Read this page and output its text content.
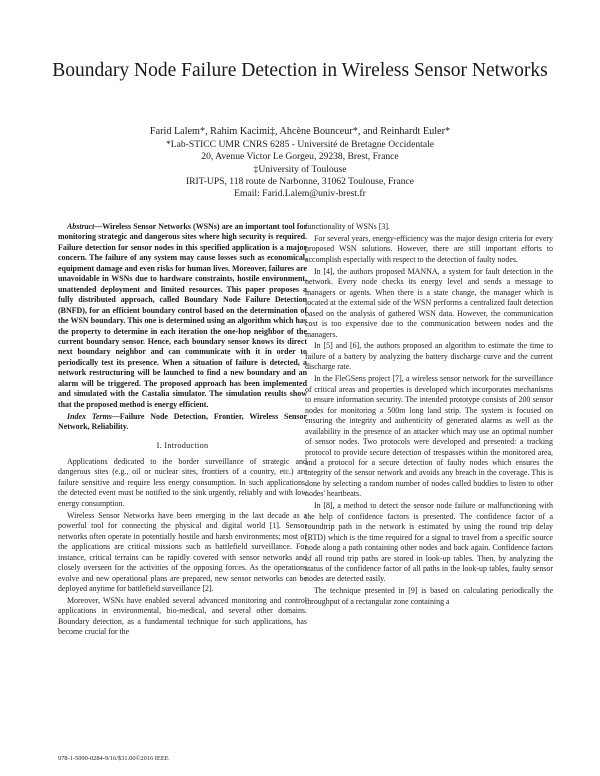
Boundary Node Failure Detection in Wireless Sensor Networks
Farid Lalem*, Rahim Kacimi‡, Ahcène Bounceur*, and Reinhardt Euler*
*Lab-STICC UMR CNRS 6285 - Université de Bretagne Occidentale
20, Avenue Victor Le Gorgeu, 29238, Brest, France
‡University of Toulouse
IRIT-UPS, 118 route de Narbonne, 31062 Toulouse, France
Email: Farid.Lalem@univ-brest.fr

Abstract—Wireless Sensor Networks (WSNs) are an important tool for monitoring strategic and dangerous sites where high security is required. Failure detection for sensor nodes in this specified application is a major concern. The failure of any system may cause losses such as economical, equipment damage and even risks for human lives. Moreover, failures are unavoidable in WSNs due to hardware constraints, hostile environment, unattended deployment and limited resources. This paper proposes a fully distributed approach, called Boundary Node Failure Detection (BNFD), for an efficient boundary control based on the determination of the WSN boundary. This one is determined using an algorithm which has the property to determine in each iteration the one-hop neighbor of the current boundary sensor. Hence, each boundary sensor knows its direct next boundary neighbor and can communicate with it in order to periodically test its presence. When a situation of failure is detected, a network restructuring will be launched to find a new boundary and an alarm will be triggered. The proposed approach has been implemented and simulated with the Castalia simulator. The simulation results show that the proposed method is energy efficient.

Index Terms—Failure Node Detection, Frontier, Wireless Sensor Network, Reliability.

I. Introduction

Applications dedicated to the border surveillance of strategic and dangerous sites (e.g., oil or nuclear sites, frontiers of a country, etc.) are failure sensitive and require less energy consumption. In such applications, the detected event must be notified to the sink urgently, reliably and with low energy consumption.

Wireless Sensor Networks have been emerging in the last decade as a powerful tool for connecting the physical and digital world [1]. Sensor networks often operate in potentially hostile and harsh environments; most of the applications are critical missions such as battlefield surveillance. For instance, critical terrains can be rapidly covered with sensor networks and closely overseen for the activities of the opposing forces. As the operations evolve and new operational plans are prepared, new sensor networks can be deployed anytime for battlefield surveillance [2].

Moreover, WSNs have enabled several advanced monitoring and control applications in environmental, bio-medical, and several other domains. Boundary detection, as a fundamental technique for such applications, has become crucial for the

functionality of WSNs [3].

For several years, energy-efficiency was the major design criteria for every proposed WSN solutions. However, there are still important efforts to accomplish especially with respect to the detection of faulty nodes.

In [4], the authors proposed MANNA, a system for fault detection in the network. Every node checks its energy level and sends a message to managers or agents. When there is a state change, the manager which is located at the external side of the WSN performs a centralized fault detection based on the analysis of gathered WSN data. However, the communication cost is too expensive due to the communication between nodes and the managers.

In [5] and [6], the authors proposed an algorithm to estimate the time to failure of a battery by analyzing the battery discharge curve and the current discharge rate.

In the FleGSens project [7], a wireless sensor network for the surveillance of critical areas and properties is developed which incorporates mechanisms to ensure information security. The intended prototype consists of 200 sensor nodes for monitoring a 500m long land strip. The system is focused on ensuring the integrity and authenticity of generated alarms as well as the availability in the presence of an attacker which may use an optimal number of sensor nodes. Two protocols were developed and presented: a tracking protocol to provide secure detection of trespasses within the monitored area, and a protocol for a secure detection of faulty nodes which ensures the integrity of the sensor network and avoids any breach in the coverage. This is done by selecting a random number of nodes called buddies to listen to other nodes' heartbeats.

In [8], a method to detect the sensor node failure or malfunctioning with the help of confidence factors is presented. The confidence factor of a roundtrip path in the network is estimated by using the round trip delay (RTD) which is the time required for a signal to travel from a specific source node along a path containing other nodes and back again. Confidence factors of all round trip paths are stored in look-up tables. Then, by analyzing the status of the confidence factor of all paths in the look-up tables, faulty sensor nodes are detected easily.

The technique presented in [9] is based on calculating periodically the throughput of a rectangular zone containing a

978-1-5090-0284-9/16/$31.00©2016 IEEE
